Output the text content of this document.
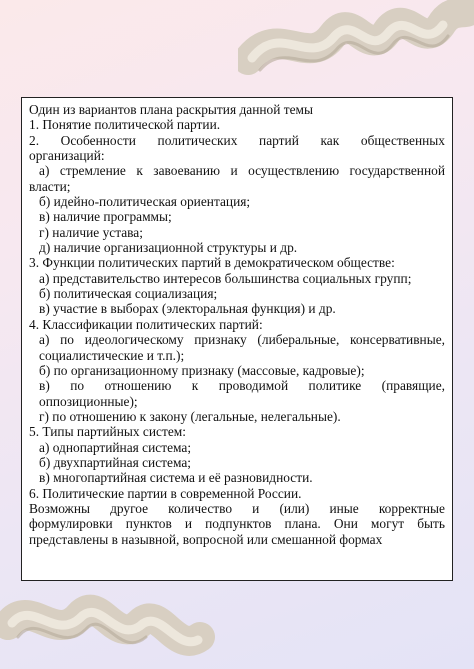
Один из вариантов плана раскрытия данной темы
1. Понятие политической партии.
2. Особенности политических партий как общественных
организаций:
а) стремление к завоеванию и осуществлению государственной
власти;
б) идейно-политическая ориентация;
в) наличие программы;
г) наличие устава;
д) наличие организационной структуры и др.
3. Функции политических партий в демократическом обществе:
а) представительство интересов большинства социальных групп;
б) политическая социализация;
в) участие в выборах (электоральная функция) и др.
4. Классификации политических партий:
а) по идеологическому признаку (либеральные, консервативные,
социалистические и т.п.);
б) по организационному признаку (массовые, кадровые);
в) по отношению к проводимой политике (правящие,
оппозиционные);
г) по отношению к закону (легальные, нелегальные).
5. Типы партийных систем:
а) однопартийная система;
б) двухпартийная система;
в) многопартийная система и её разновидности.
6. Политические партии в современной России.
Возможны другое количество и (или) иные корректные
формулировки пунктов и подпунктов плана. Они могут быть
представлены в назывной, вопросной или смешанной формах
